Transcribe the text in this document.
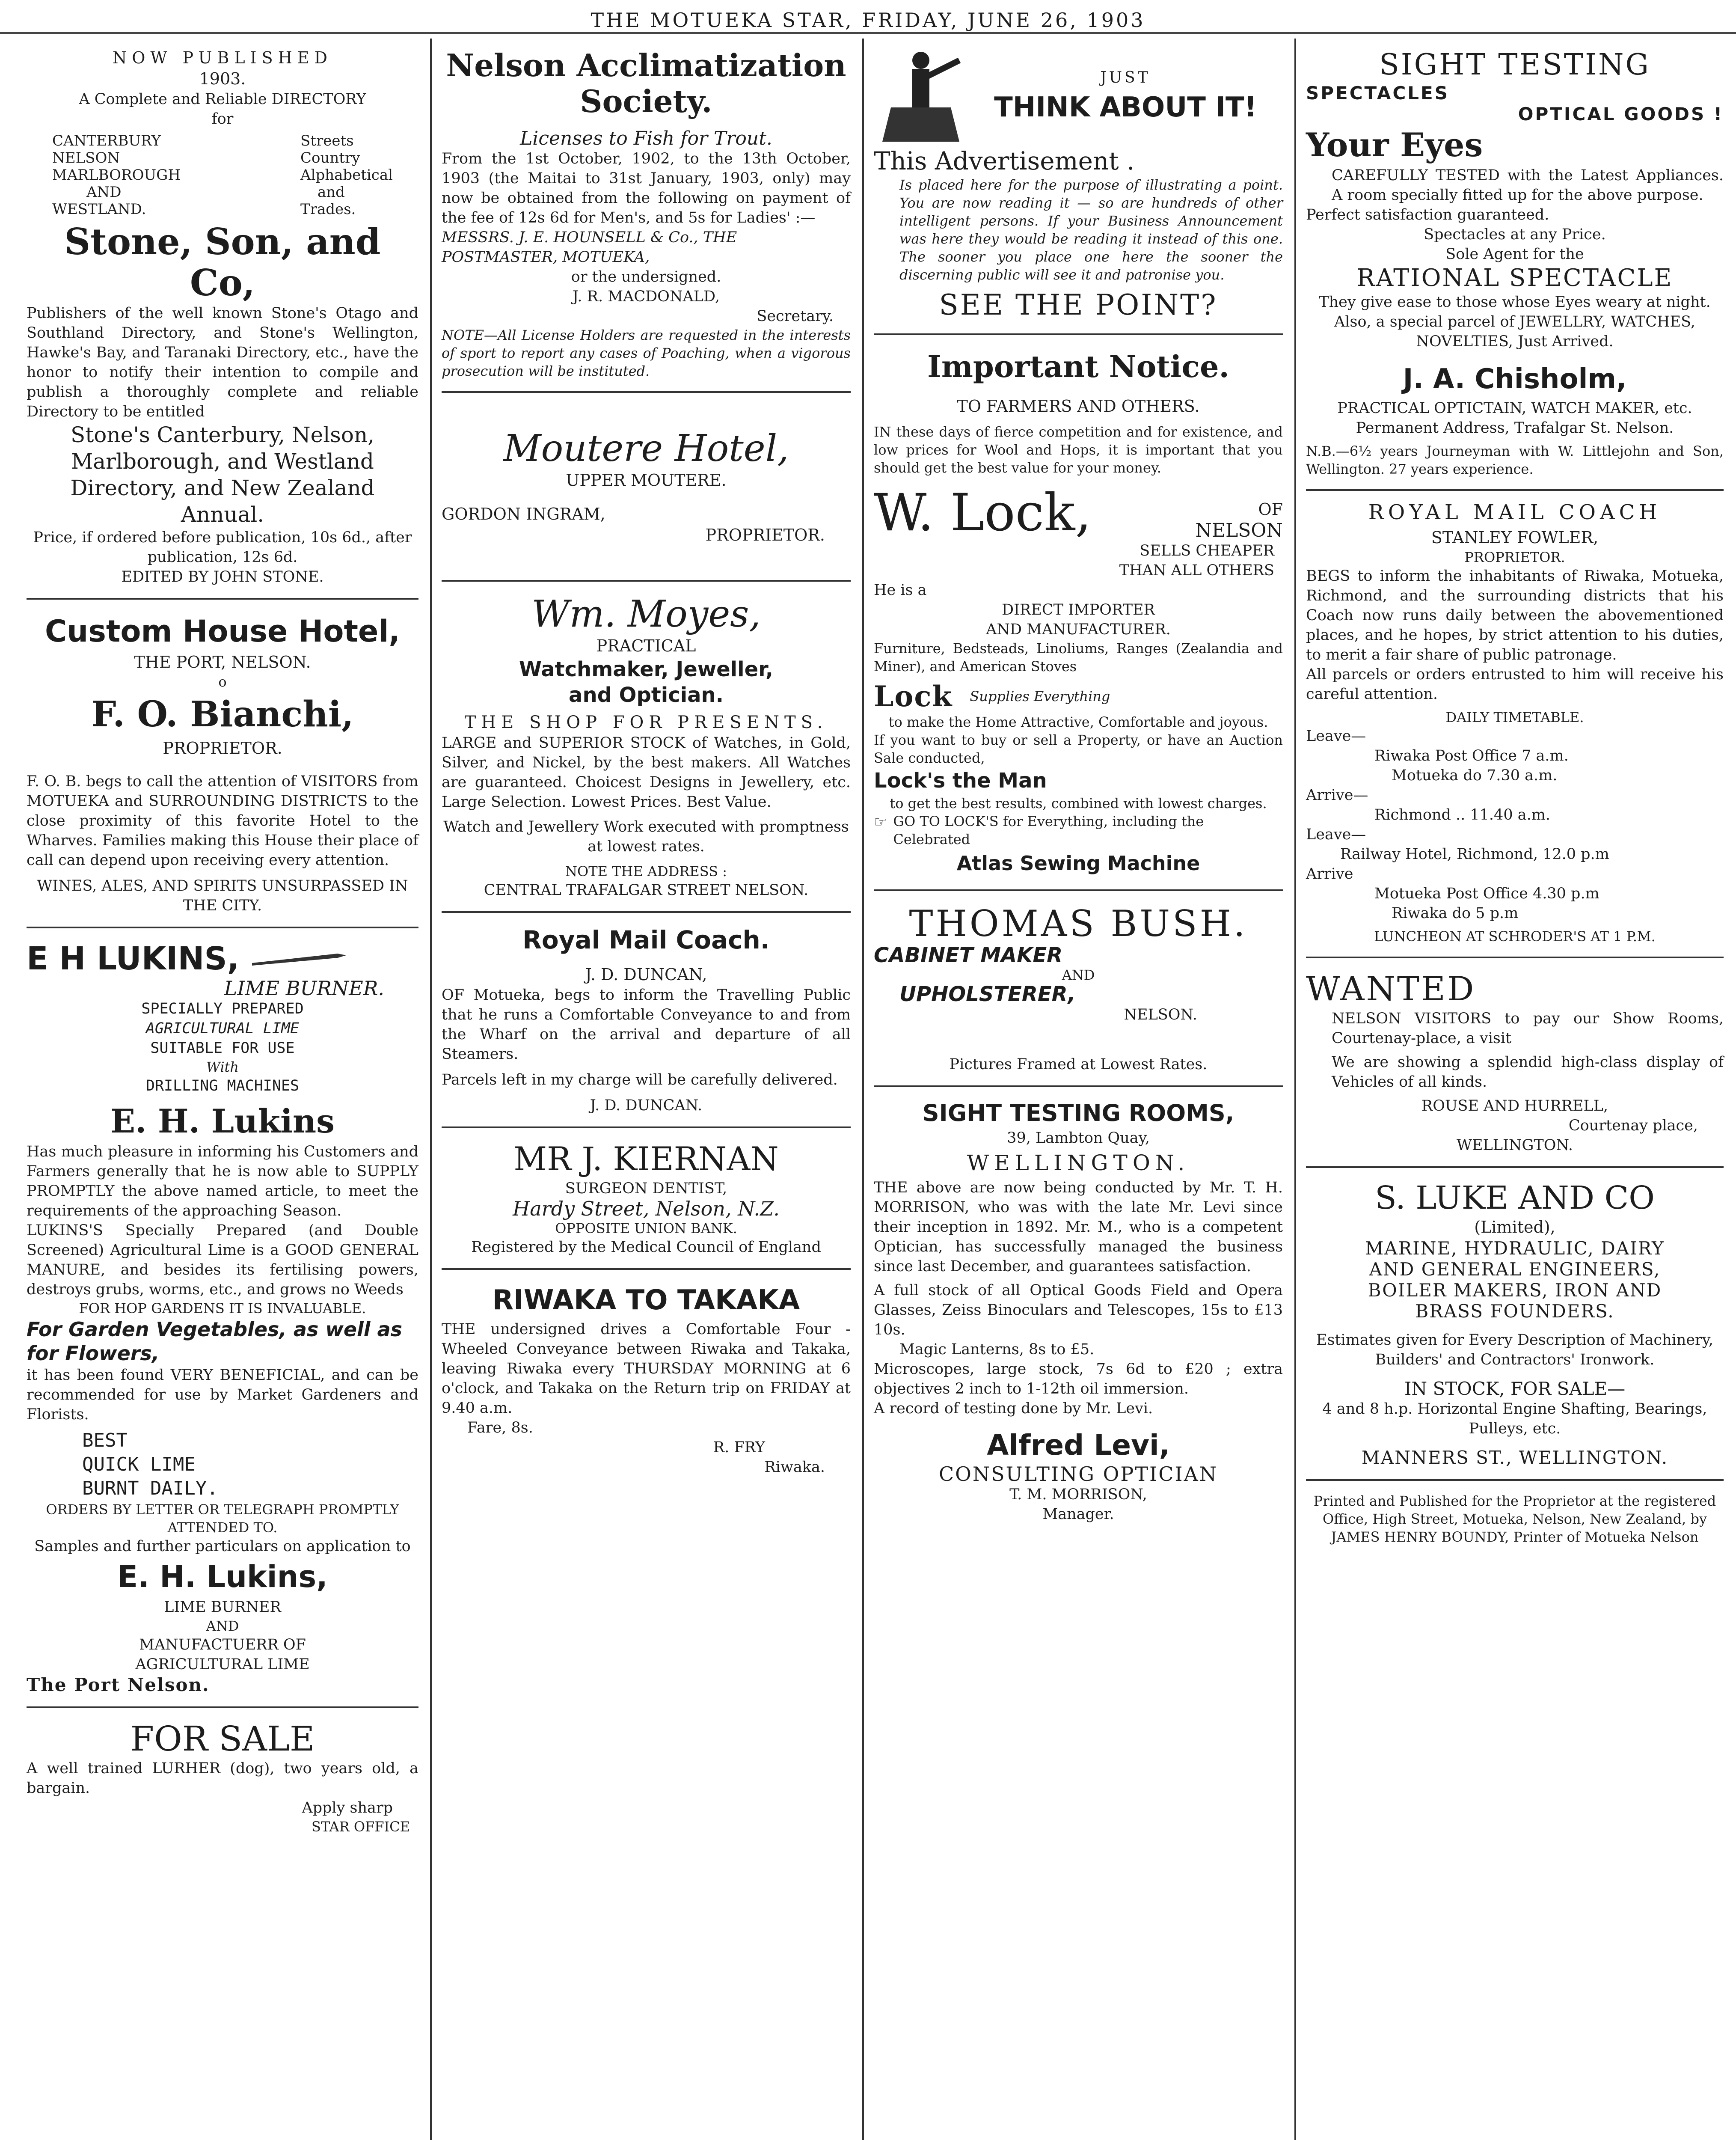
THE MOTUEKA STAR, FRIDAY, JUNE 26, 1903
NOW PUBLISHED
1903.
A Complete and Reliable DIRECTORY
for
CANTERBURY
NELSON
MARLBOROUGH
AND
WESTLAND.
Streets
Country
Alphabetical
and
Trades.
Stone, Son, and Co,
Publishers of the well known Stone's Otago and Southland Directory, and Stone's Wellington, Hawke's Bay, and Taranaki Directory, etc., have the honor to notify their intention to compile and publish a thoroughly complete and reliable Directory to be entitled
Stone's Canterbury, Nelson, Marlborough, and Westland Directory, and New Zealand Annual.
Price, if ordered before publication, 10s 6d., after publication, 12s 6d.
EDITED BY JOHN STONE.
Custom House Hotel,
THE PORT, NELSON.
o
F. O. Bianchi,
PROPRIETOR.
F. O. B. begs to call the attention of VISITORS from MOTUEKA and SURROUNDING DISTRICTS to the close proximity of this favorite Hotel to the Wharves. Families making this House their place of call can depend upon receiving every attention.
WINES, ALES, AND SPIRITS UNSURPASSED IN THE CITY.
E H LUKINS,
LIME BURNER.
SPECIALLY PREPARED
AGRICULTURAL LIME
SUITABLE FOR USE
With
DRILLING MACHINES
E. H. Lukins
Has much pleasure in informing his Customers and Farmers generally that he is now able to SUPPLY PROMPTLY the above named article, to meet the requirements of the approaching Season.
LUKINS'S Specially Prepared (and Double Screened) Agricultural Lime is a GOOD GENERAL MANURE, and besides its fertilising powers, destroys grubs, worms, etc., and grows no Weeds
FOR HOP GARDENS IT IS INVALUABLE.
For Garden Vegetables, as well as for Flowers,
it has been found VERY BENEFICIAL, and can be recommended for use by Market Gardeners and Florists.
BEST
QUICK LIME
BURNT DAILY.
ORDERS BY LETTER OR TELEGRAPH PROMPTLY ATTENDED TO.
Samples and further particulars on application to
E. H. Lukins,
LIME BURNER
AND
MANUFACTUERR OF
AGRICULTURAL LIME
The Port Nelson.
FOR SALE
A well trained LURHER (dog), two years old, a bargain.
Apply sharp
STAR OFFICE
Nelson Acclimatization
Society.
Licenses to Fish for Trout.
From the 1st October, 1902, to the 13th October, 1903 (the Maitai to 31st January, 1903, only) may now be obtained from the following on payment of the fee of 12s 6d for Men's, and 5s for Ladies' :—
MESSRS. J. E. HOUNSELL & Co., THE POSTMASTER, MOTUEKA,
or the undersigned.
J. R. MACDONALD,
Secretary.
NOTE—All License Holders are requested in the interests of sport to report any cases of Poaching, when a vigorous prosecution will be instituted.
Moutere Hotel,
UPPER MOUTERE.
GORDON INGRAM,
PROPRIETOR.
Wm. Moyes,
PRACTICAL
Watchmaker, Jeweller,
and Optician.
THE SHOP FOR PRESENTS.
LARGE and SUPERIOR STOCK of Watches, in Gold, Silver, and Nickel, by the best makers. All Watches are guaranteed. Choicest Designs in Jewellery, etc. Large Selection. Lowest Prices. Best Value.
Watch and Jewellery Work executed with promptness at lowest rates.
NOTE THE ADDRESS :
CENTRAL TRAFALGAR STREET NELSON.
Royal Mail Coach.
J. D. DUNCAN,
OF Motueka, begs to inform the Travelling Public that he runs a Comfortable Conveyance to and from the Wharf on the arrival and departure of all Steamers.
Parcels left in my charge will be carefully delivered.
J. D. DUNCAN.
MR J. KIERNAN
SURGEON DENTIST,
Hardy Street, Nelson, N.Z.
OPPOSITE UNION BANK.
Registered by the Medical Council of England
RIWAKA TO TAKAKA
THE undersigned drives a Comfortable Four - Wheeled Conveyance between Riwaka and Takaka, leaving Riwaka every THURSDAY MORNING at 6 o'clock, and Takaka on the Return trip on FRIDAY at 9.40 a.m.
Fare, 8s.
R. FRY
Riwaka.
JUST
THINK ABOUT IT!
This Advertisement .
Is placed here for the purpose of illustrating a point. You are now reading it — so are hundreds of other intelligent persons. If your Business Announcement was here they would be reading it instead of this one. The sooner you place one here the sooner the discerning public will see it and patronise you.
SEE THE POINT?
Important Notice.
TO FARMERS AND OTHERS.
IN these days of fierce competition and for existence, and low prices for Wool and Hops, it is important that you should get the best value for your money.
W. Lock,	OF
NELSON
SELLS CHEAPER
THAN ALL OTHERS
He is a
DIRECT IMPORTER
AND MANUFACTURER.
Furniture, Bedsteads, Linoliums, Ranges (Zealandia and Miner), and American Stoves
Lock Supplies Everything
to make the Home Attractive, Comfortable and joyous.
If you want to buy or sell a Property, or have an Auction Sale conducted,
Lock's the Man
to get the best results, combined with lowest charges.
☞ GO TO LOCK'S for Everything, including the Celebrated
Atlas Sewing Machine
THOMAS BUSH.
CABINET MAKER
AND
UPHOLSTERER,
NELSON.
Pictures Framed at Lowest Rates.
SIGHT TESTING ROOMS,
39, Lambton Quay,
WELLINGTON.
THE above are now being conducted by Mr. T. H. MORRISON, who was with the late Mr. Levi since their inception in 1892. Mr. M., who is a competent Optician, has successfully managed the business since last December, and guarantees satisfaction.
A full stock of all Optical Goods Field and Opera Glasses, Zeiss Binoculars and Telescopes, 15s to £13 10s.
Magic Lanterns, 8s to £5.
Microscopes, large stock, 7s 6d to £20 ; extra objectives 2 inch to 1-12th oil immersion.
A record of testing done by Mr. Levi.
Alfred Levi,
CONSULTING OPTICIAN
T. M. MORRISON,
Manager.
SIGHT TESTING
SPECTACLES
OPTICAL GOODS !
Your Eyes
CAREFULLY TESTED with the Latest Appliances. A room specially fitted up for the above purpose.
Perfect satisfaction guaranteed.
Spectacles at any Price.
Sole Agent for the
RATIONAL SPECTACLE
They give ease to those whose Eyes weary at night.
Also, a special parcel of JEWELLRY, WATCHES, NOVELTIES, Just Arrived.
J. A. Chisholm,
PRACTICAL OPTICTAIN, WATCH MAKER, etc.
Permanent Address, Trafalgar St. Nelson.
N.B.—6½ years Journeyman with W. Littlejohn and Son, Wellington. 27 years experience.
ROYAL MAIL COACH
STANLEY FOWLER,
PROPRIETOR.
BEGS to inform the inhabitants of Riwaka, Motueka, Richmond, and the surrounding districts that his Coach now runs daily between the abovementioned places, and he hopes, by strict attention to his duties, to merit a fair share of public patronage.
All parcels or orders entrusted to him will receive his careful attention.
DAILY TIMETABLE.
Leave—
Riwaka Post Office 7 a.m.
Motueka do 7.30 a.m.
Arrive—
Richmond .. 11.40 a.m.
Leave—
Railway Hotel, Richmond, 12.0 p.m
Arrive
Motueka Post Office 4.30 p.m
Riwaka do 5 p.m
LUNCHEON AT SCHRODER'S AT 1 P.M.
WANTED
NELSON VISITORS to pay our Show Rooms, Courtenay-place, a visit
We are showing a splendid high-class display of Vehicles of all kinds.
ROUSE AND HURRELL,
Courtenay place,
WELLINGTON.
S. LUKE AND CO
(Limited),
MARINE, HYDRAULIC, DAIRY
AND GENERAL ENGINEERS,
BOILER MAKERS, IRON AND
BRASS FOUNDERS.
Estimates given for Every Description of Machinery, Builders' and Contractors' Ironwork.
IN STOCK, FOR SALE—
4 and 8 h.p. Horizontal Engine Shafting, Bearings, Pulleys, etc.
MANNERS ST., WELLINGTON.
Printed and Published for the Proprietor at the registered Office, High Street, Motueka, Nelson, New Zealand, by JAMES HENRY BOUNDY, Printer of Motueka Nelson
